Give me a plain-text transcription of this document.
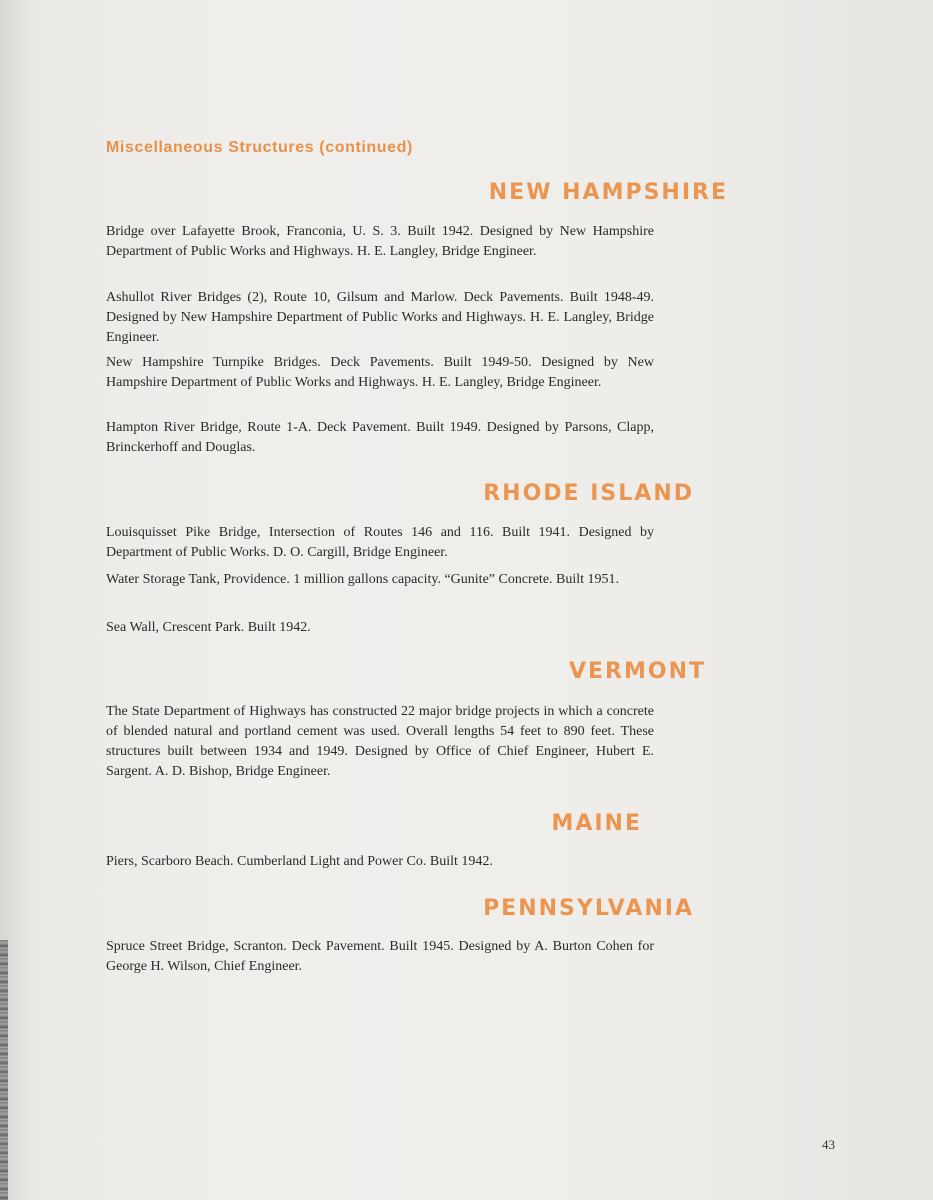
Miscellaneous Structures (continued)
NEW HAMPSHIRE
Bridge over Lafayette Brook, Franconia, U. S. 3. Built 1942. Designed by New Hampshire Department of Public Works and Highways. H. E. Langley, Bridge Engineer.
Ashullot River Bridges (2), Route 10, Gilsum and Marlow. Deck Pavements. Built 1948-49. Designed by New Hampshire Department of Public Works and Highways. H. E. Langley, Bridge Engineer.
New Hampshire Turnpike Bridges. Deck Pavements. Built 1949-50. Designed by New Hampshire Department of Public Works and Highways. H. E. Langley, Bridge Engineer.
Hampton River Bridge, Route 1-A. Deck Pavement. Built 1949. Designed by Parsons, Clapp, Brinckerhoff and Douglas.
RHODE ISLAND
Louisquisset Pike Bridge, Intersection of Routes 146 and 116. Built 1941. Designed by Department of Public Works. D. O. Cargill, Bridge Engineer.
Water Storage Tank, Providence. 1 million gallons capacity. “Gunite” Concrete. Built 1951.
Sea Wall, Crescent Park. Built 1942.
VERMONT
The State Department of Highways has constructed 22 major bridge projects in which a concrete of blended natural and portland cement was used. Overall lengths 54 feet to 890 feet. These structures built between 1934 and 1949. Designed by Office of Chief Engineer, Hubert E. Sargent. A. D. Bishop, Bridge Engineer.
MAINE
Piers, Scarboro Beach. Cumberland Light and Power Co. Built 1942.
PENNSYLVANIA
Spruce Street Bridge, Scranton. Deck Pavement. Built 1945. Designed by A. Burton Cohen for George H. Wilson, Chief Engineer.
43
